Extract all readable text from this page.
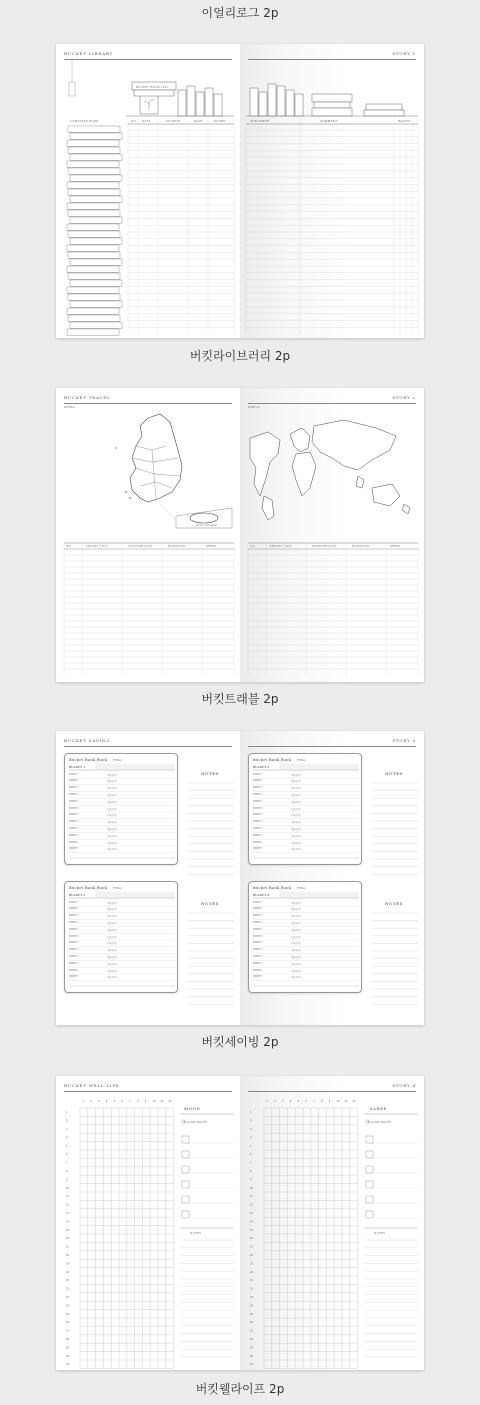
이얼리로그 2p
버킷라이브러리 2p
버킷트래블 2p
버킷세이빙 2p
버킷웰라이프 2p
BUCKET LIBRARY
BUCKET BOOK LIST
COMPLETE BOOK	NO DATE	AUTHOR	PAGE	GENRE
STORY 1
PUBLISHER	COMMENT	RATING
BUCKET TRAVEL
KOREA
JEJU ISLAND
NO	TRAVEL LIST	COUNTRY/CITY	DURATION	MEMO
STORY 2
WORLD
NO	TRAVEL LIST	COUNTRY/CITY	DURATION	MEMO
BUCKET SAVING
NOTES
NOTES
Bucket Bank Book TOTAL :
BUCKET 1
MONTH /	저축금액 /
MONTH /	저축금액 /
MONTH /	저축금액 /
MONTH /	저축금액 /
MONTH /	저축금액 /
MONTH /	저축금액 /
MONTH /	저축금액 /
MONTH /	저축금액 /
MONTH /	저축금액 /
MONTH /	저축금액 /
MONTH /	저축금액 /
MONTH /	저축금액 /
Bucket Bank Book TOTAL :
BUCKET 2
MONTH /	저축금액 /
MONTH /	저축금액 /
MONTH /	저축금액 /
MONTH /	저축금액 /
MONTH /	저축금액 /
MONTH /	저축금액 /
MONTH /	저축금액 /
MONTH /	저축금액 /
MONTH /	저축금액 /
MONTH /	저축금액 /
MONTH /	저축금액 /
MONTH /	저축금액 /
STORY 3
NOTES
NOTES
Bucket Bank Book TOTAL :
BUCKET 3
MONTH /	저축금액 /
MONTH /	저축금액 /
MONTH /	저축금액 /
MONTH /	저축금액 /
MONTH /	저축금액 /
MONTH /	저축금액 /
MONTH /	저축금액 /
MONTH /	저축금액 /
MONTH /	저축금액 /
MONTH /	저축금액 /
MONTH /	저축금액 /
MONTH /	저축금액 /
Bucket Bank Book TOTAL :
BUCKET 4
MONTH /	저축금액 /
MONTH /	저축금액 /
MONTH /	저축금액 /
MONTH /	저축금액 /
MONTH /	저축금액 /
MONTH /	저축금액 /
MONTH /	저축금액 /
MONTH /	저축금액 /
MONTH /	저축금액 /
MONTH /	저축금액 /
MONTH /	저축금액 /
MONTH /	저축금액 /
BUCKET WELL-LIFE
1	2	3	4	5	6	7	8	9	10 11 12
1
2
3
4
5
6
7
8
9
10
11
12
13
14
15
16
17
18
19
20
21
22
23
24
25
26
27
28
29
30
31
MOOD
COLOR INDEX
NOTES
STORY 4
1	2	3	4	5	6	7	8	9	10 11 12
1
2
3
4
5
6
7
8
9
10
11
12
13
14
15
16
17
18
19
20
21
22
23
24
25
26
27
28
29
30
31
SLEEP
COLOR INDEX
NOTES
